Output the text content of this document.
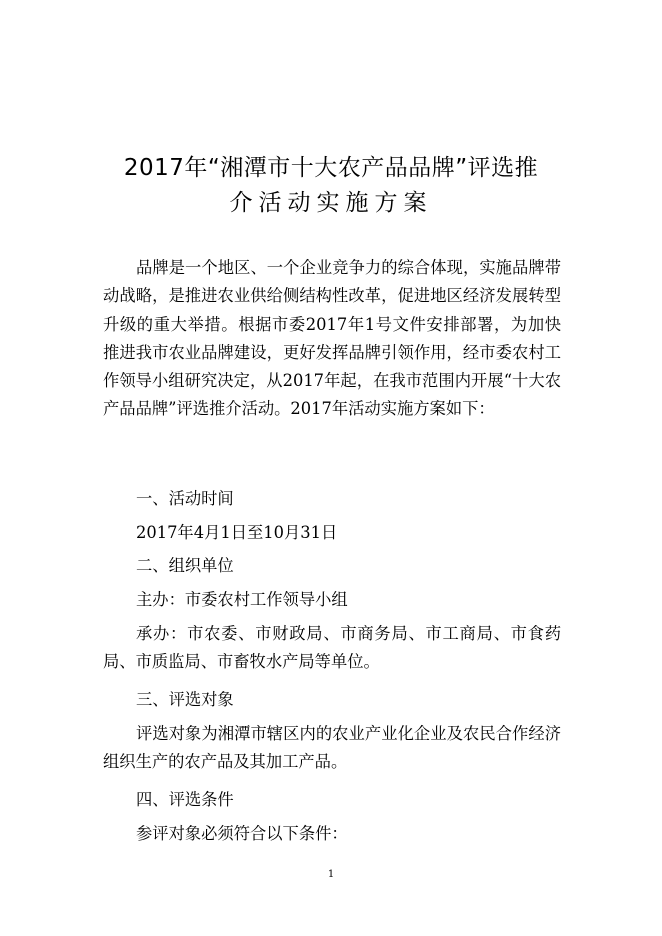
2017年“湘潭市十大农产品品牌”评选推
介活动实施方案

品牌是一个地区、一个企业竞争力的综合体现，实施品牌带动战略，是推进农业供给侧结构性改革，促进地区经济发展转型升级的重大举措。根据市委2017年1号文件安排部署，为加快推进我市农业品牌建设，更好发挥品牌引领作用，经市委农村工作领导小组研究决定，从2017年起，在我市范围内开展“十大农产品品牌”评选推介活动。2017年活动实施方案如下：

一、活动时间

2017年4月1日至10月31日

二、组织单位

主办：市委农村工作领导小组

承办：市农委、市财政局、市商务局、市工商局、市食药局、市质监局、市畜牧水产局等单位。

三、评选对象

评选对象为湘潭市辖区内的农业产业化企业及农民合作经济组织生产的农产品及其加工产品。

四、评选条件

参评对象必须符合以下条件：

1
